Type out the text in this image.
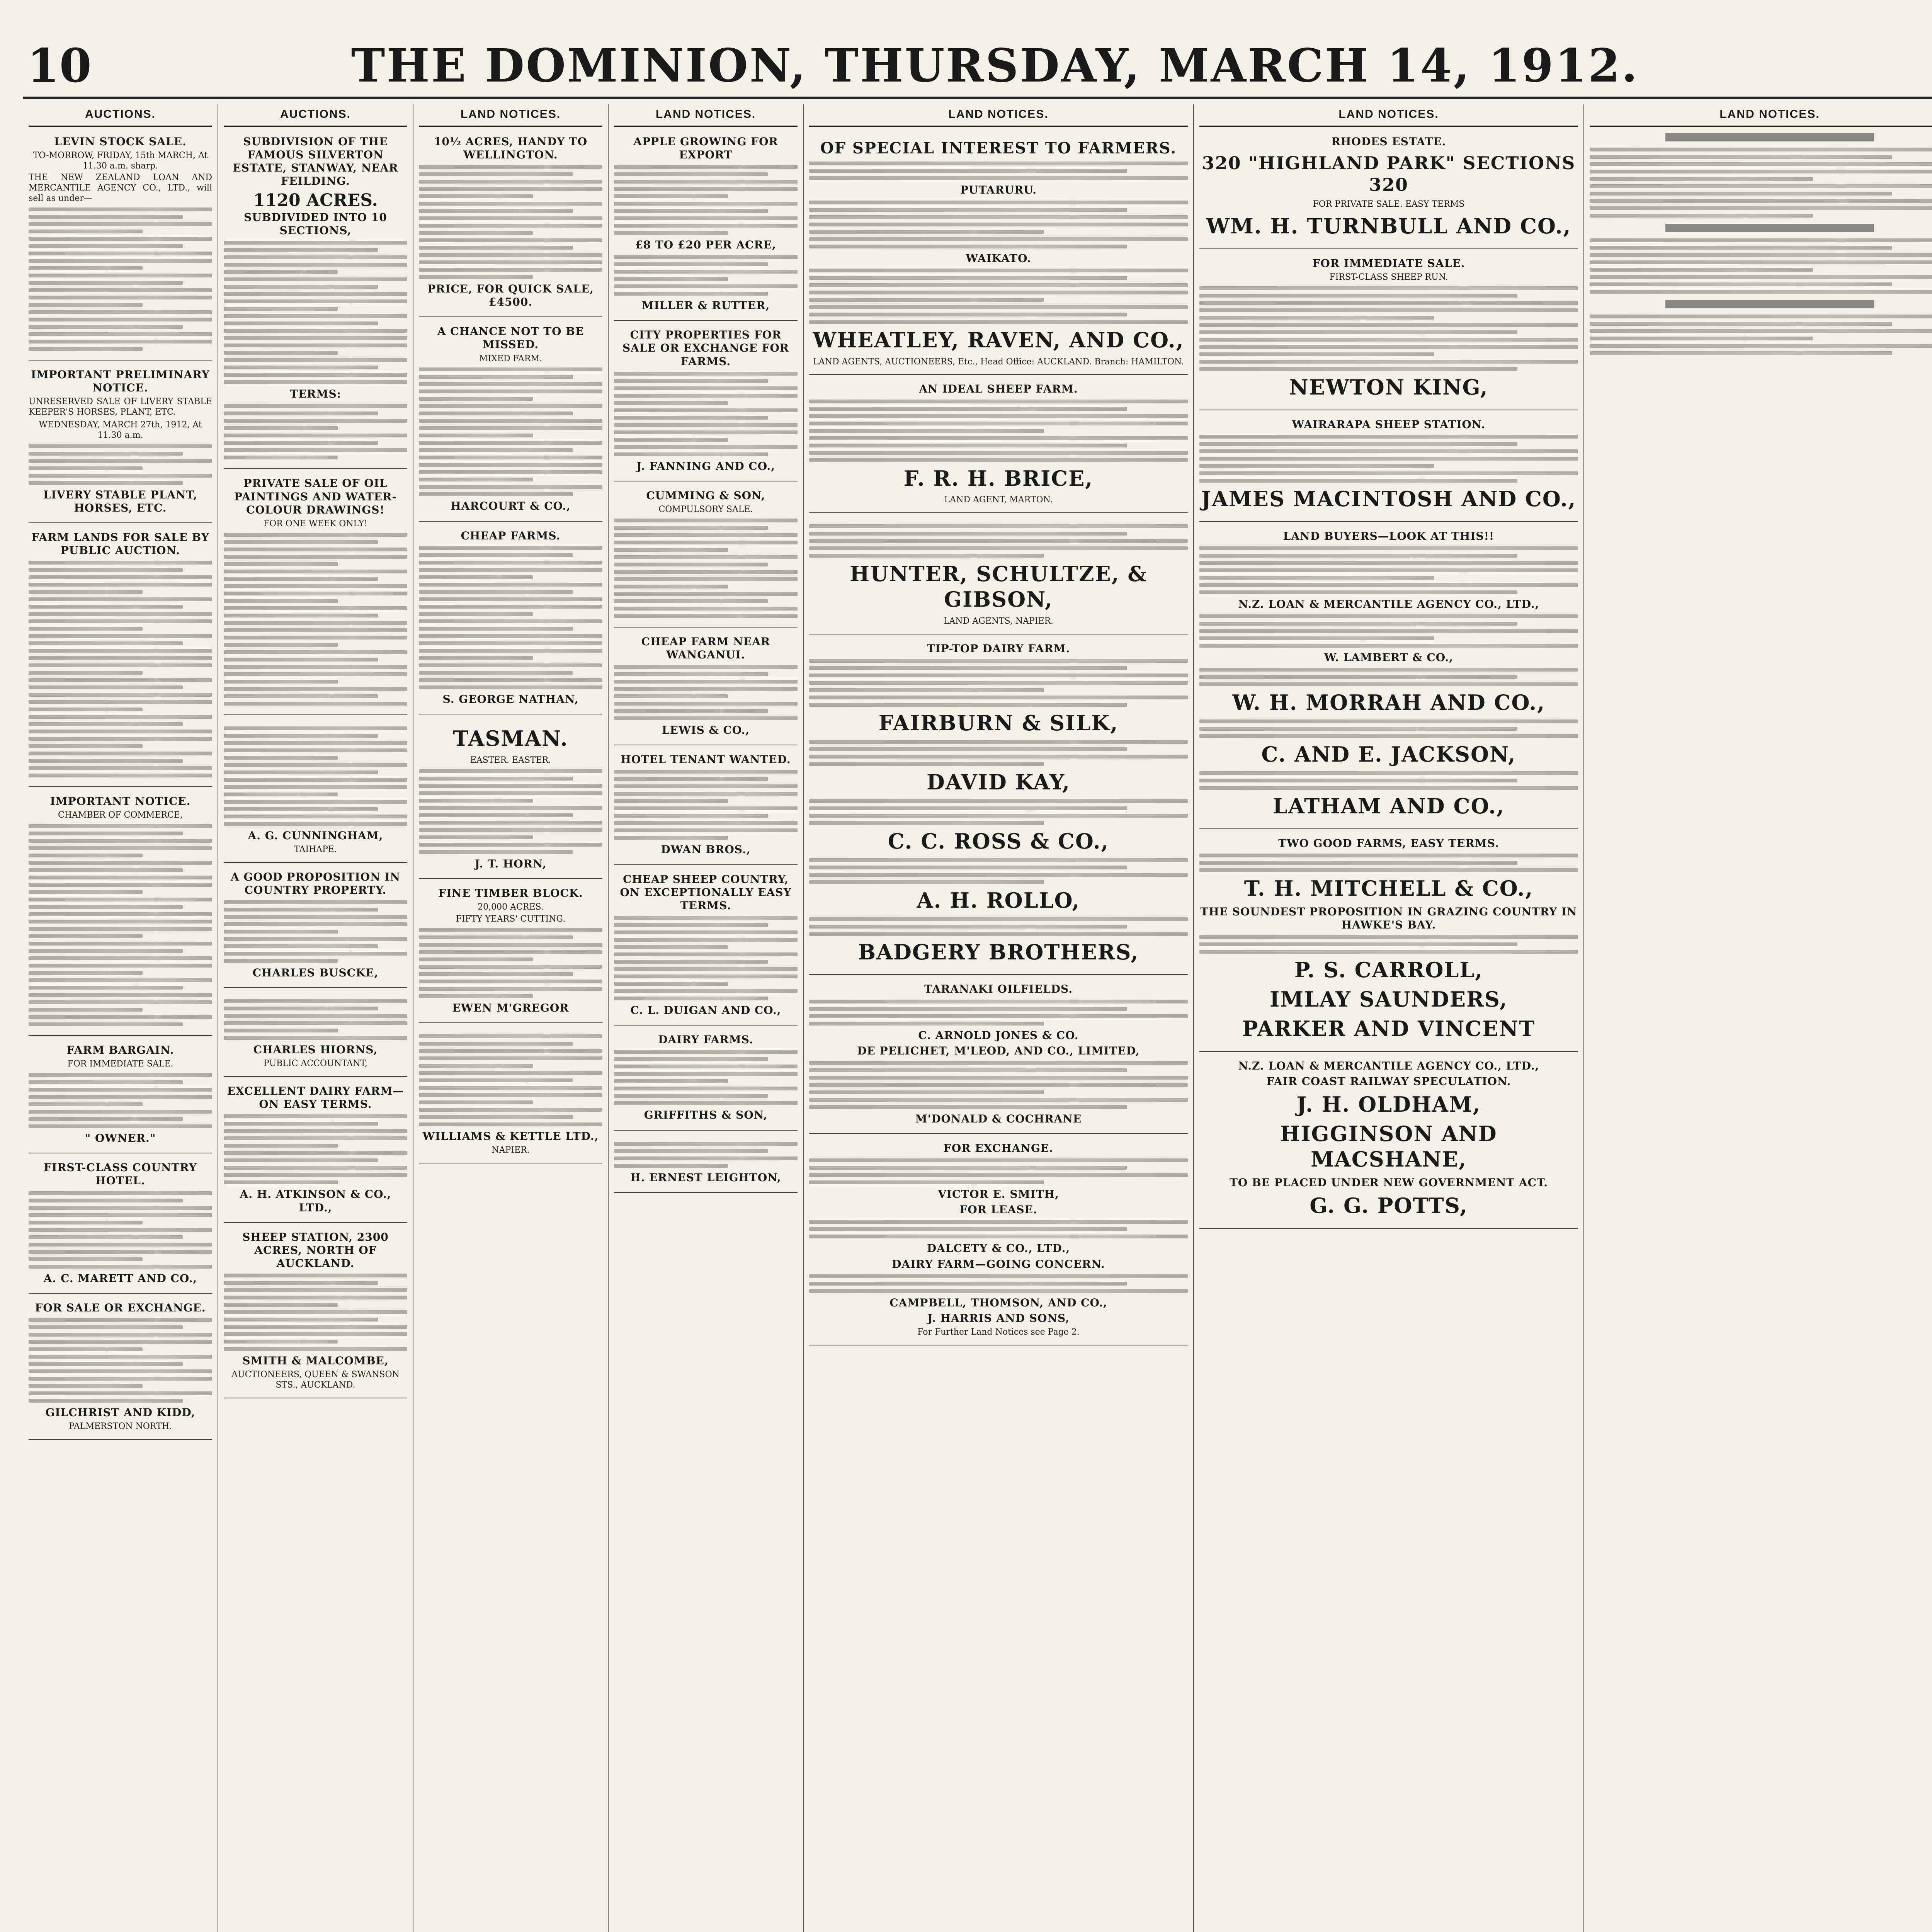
10	THE DOMINION, THURSDAY, MARCH 14, 1912.
AUCTIONS.
LEVIN STOCK SALE.
TO-MORROW, FRIDAY, 15th MARCH, At 11.30 a.m. sharp.

THE NEW ZEALAND LOAN AND MERCANTILE AGENCY CO., LTD., will sell as under—

IMPORTANT PRELIMINARY NOTICE.

UNRESERVED SALE OF LIVERY STABLE KEEPER'S HORSES, PLANT, ETC.

WEDNESDAY, MARCH 27th, 1912, At 11.30 a.m.
LIVERY STABLE PLANT, HORSES, ETC.
FARM LANDS FOR SALE BY PUBLIC AUCTION.
IMPORTANT NOTICE.
CHAMBER OF COMMERCE,
FARM BARGAIN.
FOR IMMEDIATE SALE.
" OWNER."
FIRST-CLASS COUNTRY HOTEL.
A. C. MARETT AND CO.,
FOR SALE OR EXCHANGE.
GILCHRIST AND KIDD,
PALMERSTON NORTH.
AUCTIONS.
SUBDIVISION OF THE FAMOUS SILVERTON ESTATE, STANWAY, NEAR FEILDING.
1120 ACRES.
SUBDIVIDED INTO 10 SECTIONS,
TERMS:
PRIVATE SALE OF OIL PAINTINGS AND WATER-COLOUR DRAWINGS!
FOR ONE WEEK ONLY!
A. G. CUNNINGHAM,
TAIHAPE.
A GOOD PROPOSITION IN COUNTRY PROPERTY.
CHARLES BUSCKE,
CHARLES HIORNS,
PUBLIC ACCOUNTANT,
EXCELLENT DAIRY FARM—ON EASY TERMS.
A. H. ATKINSON & CO., LTD.,
SHEEP STATION, 2300 ACRES, NORTH OF AUCKLAND.
SMITH & MALCOMBE,
AUCTIONEERS, QUEEN & SWANSON STS., AUCKLAND.
LAND NOTICES.
10½ ACRES, HANDY TO WELLINGTON.
PRICE, FOR QUICK SALE, £4500.
A CHANCE NOT TO BE MISSED.
MIXED FARM.
HARCOURT & CO.,
CHEAP FARMS.
S. GEORGE NATHAN,
TASMAN.
EASTER. EASTER.
J. T. HORN,
FINE TIMBER BLOCK.
20,000 ACRES.
FIFTY YEARS' CUTTING.
EWEN M'GREGOR
WILLIAMS & KETTLE LTD.,
NAPIER.
LAND NOTICES.
APPLE GROWING FOR EXPORT
£8 TO £20 PER ACRE,
MILLER & RUTTER,
CITY PROPERTIES FOR SALE OR EXCHANGE FOR FARMS.
J. FANNING AND CO.,
CUMMING & SON,
COMPULSORY SALE.
CHEAP FARM NEAR WANGANUI.
LEWIS & CO.,
HOTEL TENANT WANTED.
DWAN BROS.,
CHEAP SHEEP COUNTRY, ON EXCEPTIONALLY EASY TERMS.
C. L. DUIGAN AND CO.,
DAIRY FARMS.
GRIFFITHS & SON,
H. ERNEST LEIGHTON,
LAND NOTICES.
OF SPECIAL INTEREST TO FARMERS.
PUTARURU.
WAIKATO.
WHEATLEY, RAVEN, AND CO.,
LAND AGENTS, AUCTIONEERS, Etc., Head Office: AUCKLAND. Branch: HAMILTON.
AN IDEAL SHEEP FARM.
F. R. H. BRICE,
LAND AGENT, MARTON.
HUNTER, SCHULTZE, & GIBSON,
LAND AGENTS, NAPIER.
TIP-TOP DAIRY FARM.
FAIRBURN & SILK,
DAVID KAY,
C. C. ROSS & CO.,
A. H. ROLLO,
BADGERY BROTHERS,
TARANAKI OILFIELDS.
C. ARNOLD JONES & CO.
DE PELICHET, M'LEOD, AND CO., LIMITED,
M'DONALD & COCHRANE
FOR EXCHANGE.
VICTOR E. SMITH,
FOR LEASE.
DALCETY & CO., LTD.,
DAIRY FARM—GOING CONCERN.
CAMPBELL, THOMSON, AND CO.,
J. HARRIS AND SONS,
For Further Land Notices see Page 2.
LAND NOTICES.
RHODES ESTATE.
320 "HIGHLAND PARK" SECTIONS 320
FOR PRIVATE SALE. EASY TERMS
WM. H. TURNBULL AND CO.,
FOR IMMEDIATE SALE.
FIRST-CLASS SHEEP RUN.
NEWTON KING,
WAIRARAPA SHEEP STATION.
JAMES MACINTOSH AND CO.,
LAND BUYERS—LOOK AT THIS!!
N.Z. LOAN & MERCANTILE AGENCY CO., LTD.,
W. LAMBERT & CO.,
W. H. MORRAH AND CO.,
C. AND E. JACKSON,
LATHAM AND CO.,
TWO GOOD FARMS, EASY TERMS.
T. H. MITCHELL & CO.,
THE SOUNDEST PROPOSITION IN GRAZING COUNTRY IN HAWKE'S BAY.
P. S. CARROLL,
IMLAY SAUNDERS,
PARKER AND VINCENT
N.Z. LOAN & MERCANTILE AGENCY CO., LTD.,
FAIR COAST RAILWAY SPECULATION.
J. H. OLDHAM,
HIGGINSON AND MACSHANE,
TO BE PLACED UNDER NEW GOVERNMENT ACT.
G. G. POTTS,
LAND NOTICES.
